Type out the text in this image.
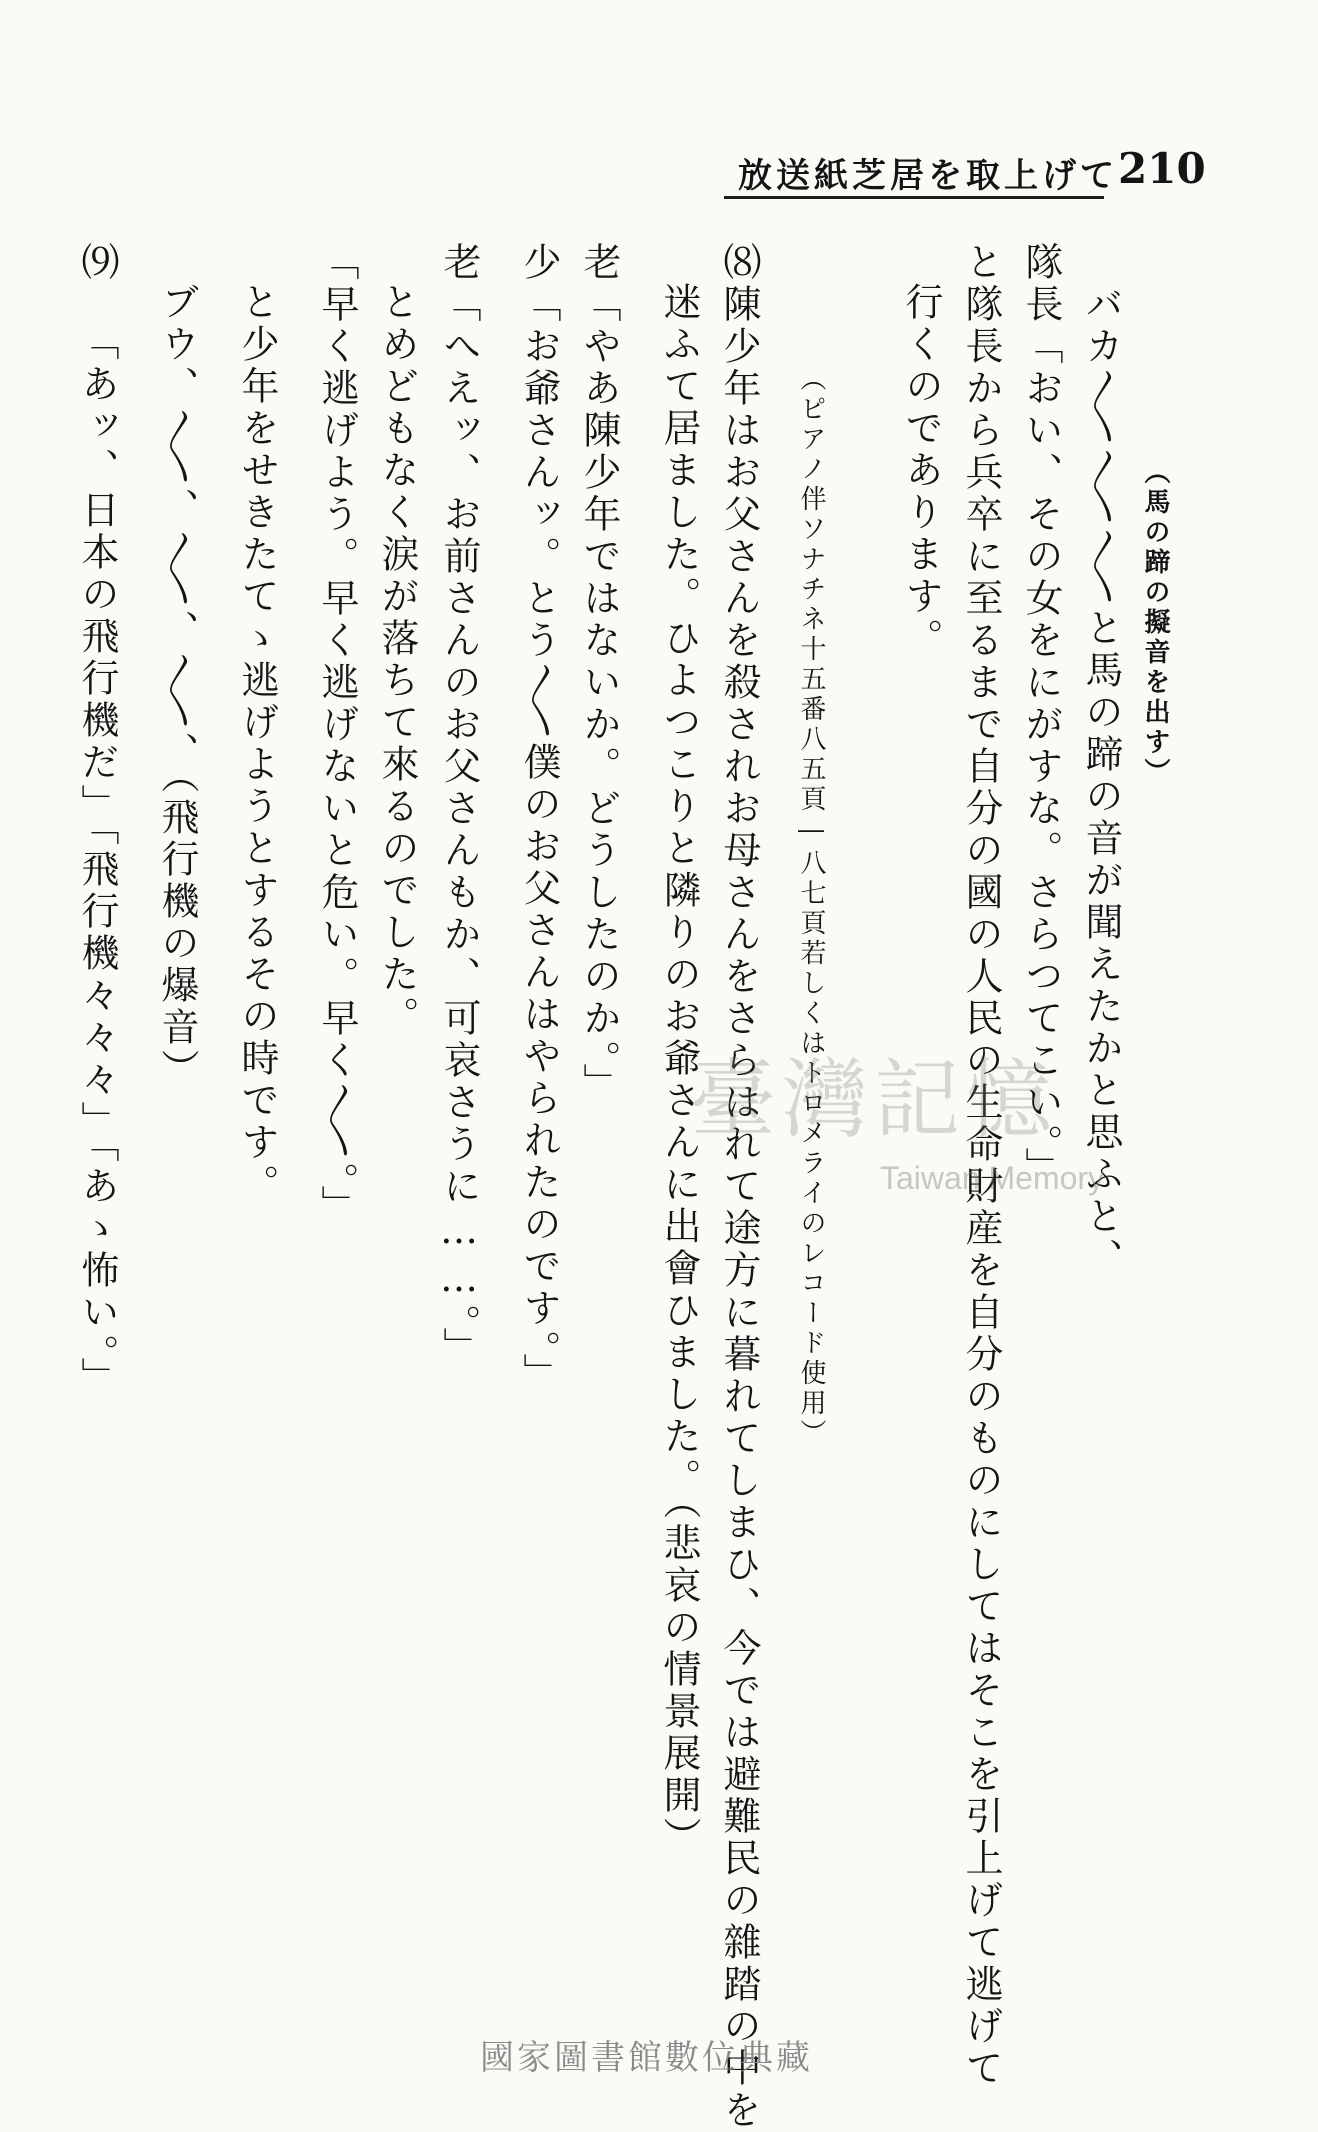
放送紙芝居を取上げて 210
（馬の蹄の擬音を出す）
バカ〳〵〳〵〳〵と馬の蹄の音が聞えたかと思ふと、
隊長「おい、その女をにがすな。さらつてこい。」
と隊長から兵卒に至るまで自分の國の人民の生命財産を自分のものにしてはそこを引上げて逃げて
行くのであります。
（ピアノ伴ソナチネ十五番八五頁―八七頁若しくはトロメライのレコード使用）
⑻陳少年はお父さんを殺されお母さんをさらはれて途方に暮れてしまひ、今では避難民の雜踏の中を
迷ふて居ました。ひよつこりと隣りのお爺さんに出會ひました。（悲哀の情景展開）
老「やあ陳少年ではないか。どうしたのか。」
少「お爺さんッ。とう〳〵僕のお父さんはやられたのです。」
老「へえッ、お前さんのお父さんもか、可哀さうに……。」
とめどもなく涙が落ちて來るのでした。
「早く逃げよう。早く逃げないと危い。早く〳〵。」
と少年をせきたてゝ逃げようとするその時です。
ブウ、〳〵、〳〵、〳〵、（飛行機の爆音）
⑼
「あッ、日本の飛行機だ」「飛行機々々々」「あゝ怖い。」	臺灣記憶
Taiwan Memory
國家圖書館數位典藏
